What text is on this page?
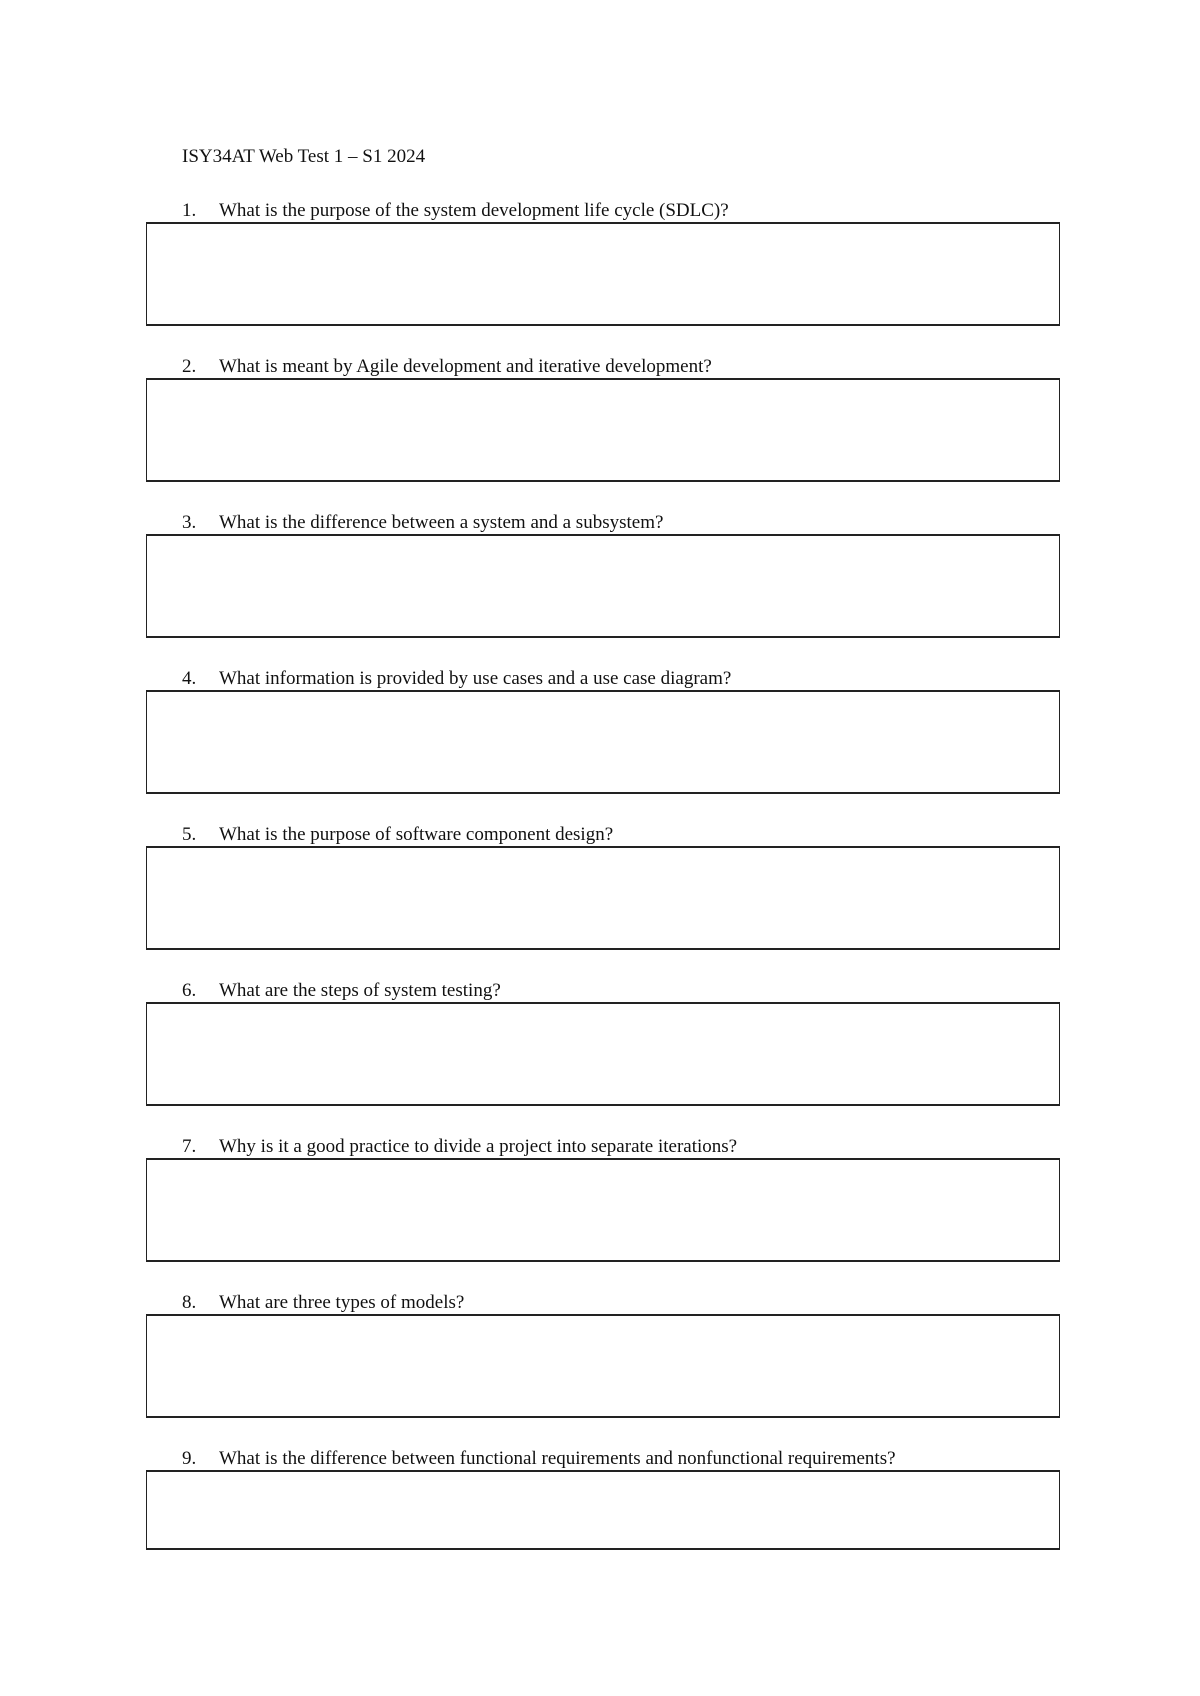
ISY34AT Web Test 1 – S1 2024
1. What is the purpose of the system development life cycle (SDLC)?
2. What is meant by Agile development and iterative development?
3. What is the difference between a system and a subsystem?
4. What information is provided by use cases and a use case diagram?
5. What is the purpose of software component design?
6. What are the steps of system testing?
7. Why is it a good practice to divide a project into separate iterations?
8. What are three types of models?
9. What is the difference between functional requirements and nonfunctional requirements?
